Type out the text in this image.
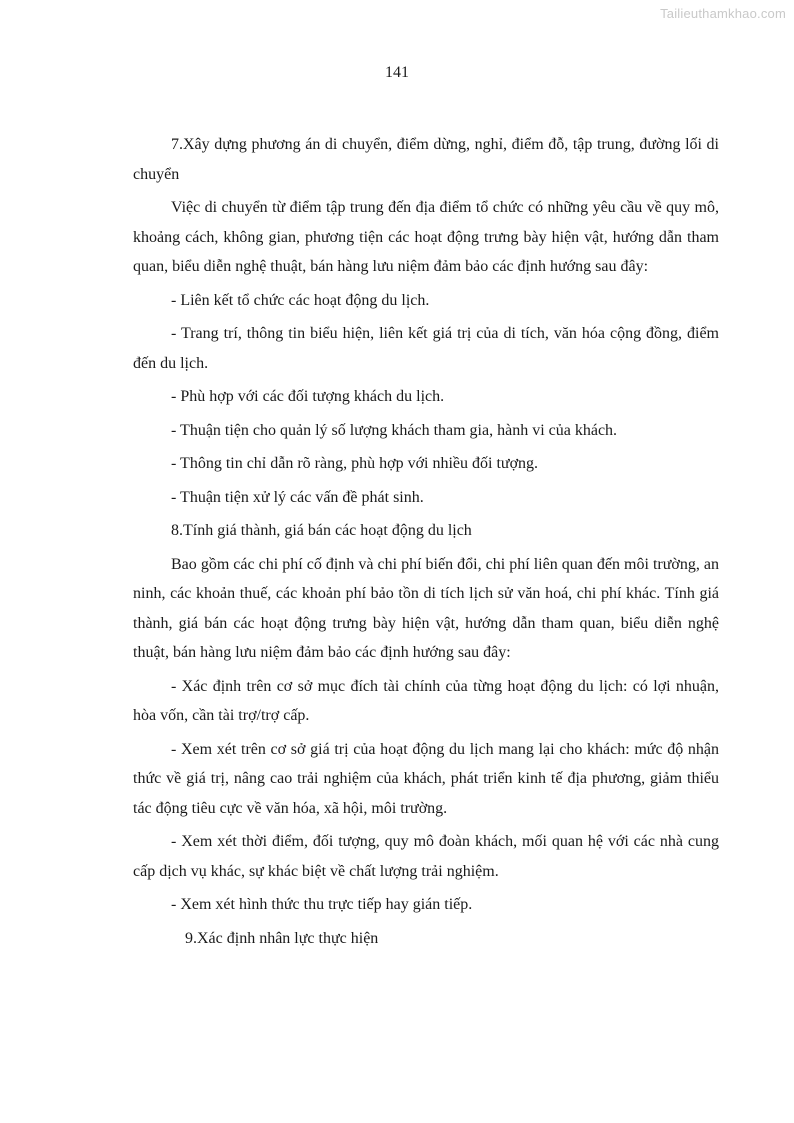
Tailieuthamkhao.com
141

7.Xây dựng phương án di chuyển, điểm dừng, nghỉ, điểm đỗ, tập trung, đường lối di chuyển

Việc di chuyển từ điểm tập trung đến địa điểm tổ chức có những yêu cầu về quy mô, khoảng cách, không gian, phương tiện các hoạt động trưng bày hiện vật, hướng dẫn tham quan, biểu diễn nghệ thuật, bán hàng lưu niệm đảm bảo các định hướng sau đây:

- Liên kết tổ chức các hoạt động du lịch.

- Trang trí, thông tin biểu hiện, liên kết giá trị của di tích, văn hóa cộng đồng, điểm đến du lịch.

- Phù hợp với các đối tượng khách du lịch.

- Thuận tiện cho quản lý số lượng khách tham gia, hành vi của khách.

- Thông tin chỉ dẫn rõ ràng, phù hợp với nhiều đối tượng.

- Thuận tiện xử lý các vấn đề phát sinh.

8.Tính giá thành, giá bán các hoạt động du lịch

Bao gồm các chi phí cố định và chi phí biến đổi, chi phí liên quan đến môi trường, an ninh, các khoản thuế, các khoản phí bảo tồn di tích lịch sử văn hoá, chi phí khác. Tính giá thành, giá bán các hoạt động trưng bày hiện vật, hướng dẫn tham quan, biểu diễn nghệ thuật, bán hàng lưu niệm đảm bảo các định hướng sau đây:

- Xác định trên cơ sở mục đích tài chính của từng hoạt động du lịch: có lợi nhuận, hòa vốn, cần tài trợ/trợ cấp.

- Xem xét trên cơ sở giá trị của hoạt động du lịch mang lại cho khách: mức độ nhận thức về giá trị, nâng cao trải nghiệm của khách, phát triển kinh tế địa phương, giảm thiểu tác động tiêu cực về văn hóa, xã hội, môi trường.

- Xem xét thời điểm, đối tượng, quy mô đoàn khách, mối quan hệ với các nhà cung cấp dịch vụ khác, sự khác biệt về chất lượng trải nghiệm.

- Xem xét hình thức thu trực tiếp hay gián tiếp.

9.Xác định nhân lực thực hiện
